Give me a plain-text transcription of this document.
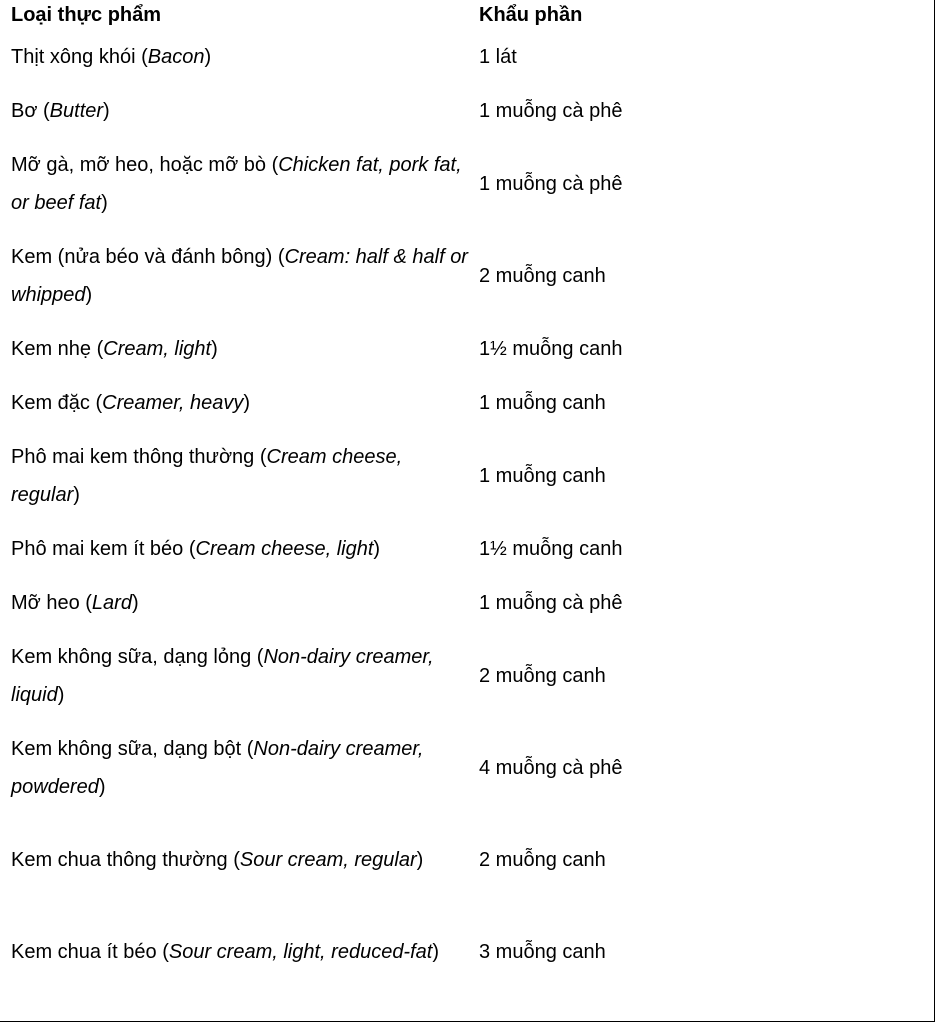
Loại thực phẩm	Khẩu phần
Thịt xông khói (Bacon)	1 lát
Bơ (Butter)	1 muỗng cà phê
Mỡ gà, mỡ heo, hoặc mỡ bò (Chicken fat, pork fat, or beef fat)	1 muỗng cà phê
Kem (nửa béo và đánh bông) (Cream: half & half or whipped)	2 muỗng canh
Kem nhẹ (Cream, light)	1½ muỗng canh
Kem đặc (Creamer, heavy)	1 muỗng canh
Phô mai kem thông thường (Cream cheese, regular)	1 muỗng canh
Phô mai kem ít béo (Cream cheese, light)	1½ muỗng canh
Mỡ heo (Lard)	1 muỗng cà phê
Kem không sữa, dạng lỏng (Non-dairy creamer, liquid)	2 muỗng canh
Kem không sữa, dạng bột (Non-dairy creamer, powdered)	4 muỗng cà phê
Kem chua thông thường (Sour cream, regular)	2 muỗng canh
Kem chua ít béo (Sour cream, light, reduced-fat)	3 muỗng canh
